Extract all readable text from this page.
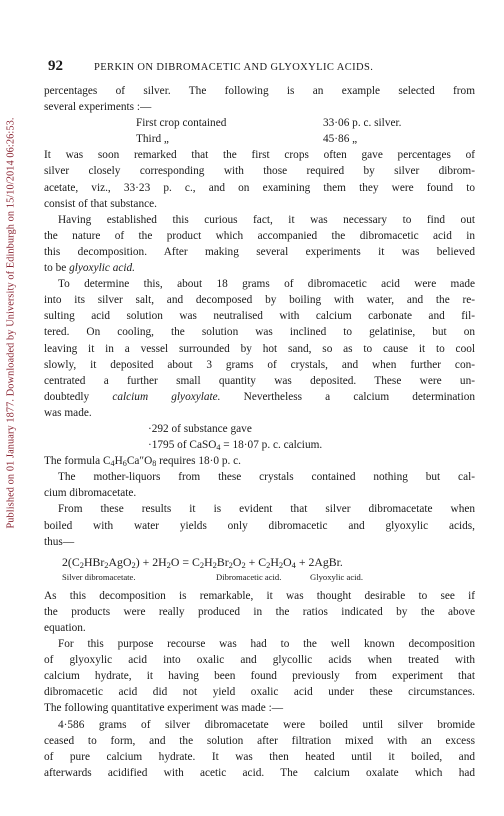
Published on 01 January 1877. Downloaded by University of Edinburgh on 15/10/2014 06:26:53.
92	PERKIN ON DIBROMACETIC AND GLYOXYLIC ACIDS.
percentages of silver. The following is an example selected from
several experiments :—
First crop contained	33·06 p. c. silver.
Third „	45·86 „
It was soon remarked that the first crops often gave percentages of
silver closely corresponding with those required by silver dibrom-
acetate, viz., 33·23 p. c., and on examining them they were found to
consist of that substance.
Having established this curious fact, it was necessary to find out
the nature of the product which accompanied the dibromacetic acid in
this decomposition. After making several experiments it was believed
to be glyoxylic acid.
To determine this, about 18 grams of dibromacetic acid were made
into its silver salt, and decomposed by boiling with water, and the re-
sulting acid solution was neutralised with calcium carbonate and fil-
tered. On cooling, the solution was inclined to gelatinise, but on
leaving it in a vessel surrounded by hot sand, so as to cause it to cool
slowly, it deposited about 3 grams of crystals, and when further con-
centrated a further small quantity was deposited. These were un-
doubtedly calcium glyoxylate. Nevertheless a calcium determination
was made.
·292 of substance gave
·1795 of CaSO$_4$ = 18·07 p. c. calcium.
The formula $C_4H_6Ca''O_8$ requires 18·0 p. c.
The mother-liquors from these crystals contained nothing but cal-
cium dibromacetate.
From these results it is evident that silver dibromacetate when
boiled with water yields only dibromacetic and glyoxylic acids,
thus—
$2(C_2HBr_2AgO_2) + 2H_2O = C_2H_2Br_2O_2 + C_2H_2O_4$ + 2AgBr.
Silver dibromacetate.	Dibromacetic acid.	Glyoxylic acid.
As this decomposition is remarkable, it was thought desirable to see if
the products were really produced in the ratios indicated by the above
equation.
For this purpose recourse was had to the well known decomposition
of glyoxylic acid into oxalic and glycollic acids when treated with
calcium hydrate, it having been found previously from experiment that
dibromacetic acid did not yield oxalic acid under these circumstances.
The following quantitative experiment was made :—
4·586 grams of silver dibromacetate were boiled until silver bromide
ceased to form, and the solution after filtration mixed with an excess
of pure calcium hydrate. It was then heated until it boiled, and
afterwards acidified with acetic acid. The calcium oxalate which had
